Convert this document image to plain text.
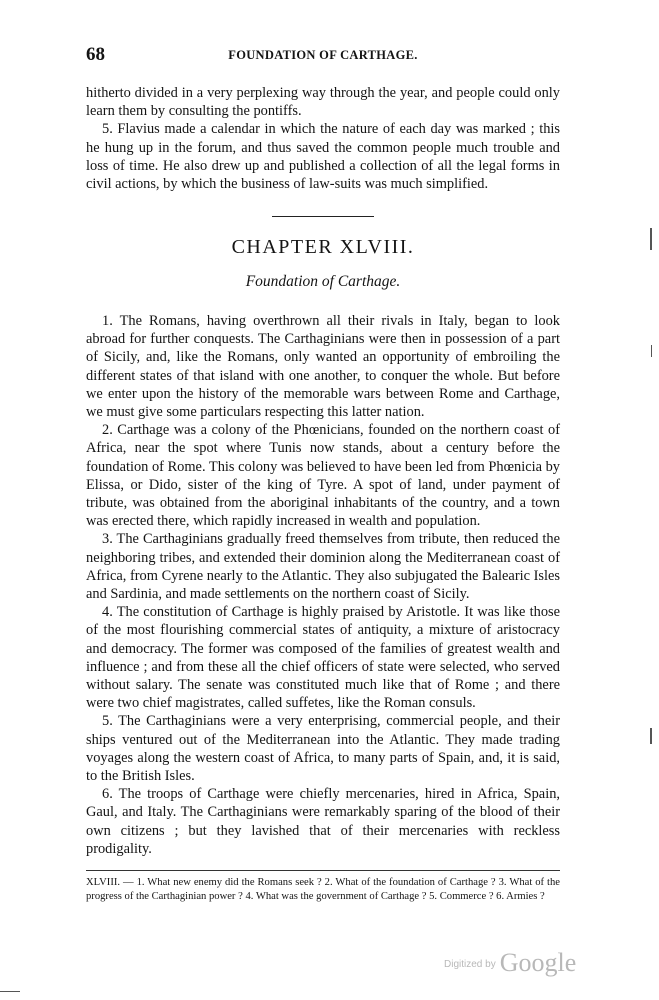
68	FOUNDATION OF CARTHAGE.

hitherto divided in a very perplexing way through the year, and people could only learn them by consulting the pontiffs.

5. Flavius made a calendar in which the nature of each day was marked ; this he hung up in the forum, and thus saved the common people much trouble and loss of time. He also drew up and published a collection of all the legal forms in civil actions, by which the business of law-suits was much simplified.

CHAPTER XLVIII.
Foundation of Carthage.

1. The Romans, having overthrown all their rivals in Italy, began to look abroad for further conquests. The Carthaginians were then in possession of a part of Sicily, and, like the Romans, only wanted an opportunity of embroiling the different states of that island with one another, to conquer the whole. But before we enter upon the history of the memorable wars between Rome and Carthage, we must give some particulars respecting this latter nation.

2. Carthage was a colony of the Phœnicians, founded on the northern coast of Africa, near the spot where Tunis now stands, about a century before the foundation of Rome. This colony was believed to have been led from Phœnicia by Elissa, or Dido, sister of the king of Tyre. A spot of land, under payment of tribute, was obtained from the aboriginal inhabitants of the country, and a town was erected there, which rapidly increased in wealth and population.

3. The Carthaginians gradually freed themselves from tribute, then reduced the neighboring tribes, and extended their dominion along the Mediterranean coast of Africa, from Cyrene nearly to the Atlantic. They also subjugated the Balearic Isles and Sardinia, and made settlements on the northern coast of Sicily.

4. The constitution of Carthage is highly praised by Aristotle. It was like those of the most flourishing commercial states of antiquity, a mixture of aristocracy and democracy. The former was composed of the families of greatest wealth and influence ; and from these all the chief officers of state were selected, who served without salary. The senate was constituted much like that of Rome ; and there were two chief magistrates, called suffetes, like the Roman consuls.

5. The Carthaginians were a very enterprising, commercial people, and their ships ventured out of the Mediterranean into the Atlantic. They made trading voyages along the western coast of Africa, to many parts of Spain, and, it is said, to the British Isles.

6. The troops of Carthage were chiefly mercenaries, hired in Africa, Spain, Gaul, and Italy. The Carthaginians were remarkably sparing of the blood of their own citizens ; but they lavished that of their mercenaries with reckless prodigality.

XLVIII. — 1. What new enemy did the Romans seek ? 2. What of the foundation of Carthage ? 3. What of the progress of the Carthaginian power ? 4. What was the government of Carthage ? 5. Commerce ? 6. Armies ?
$^{Digitized by}$ Google
